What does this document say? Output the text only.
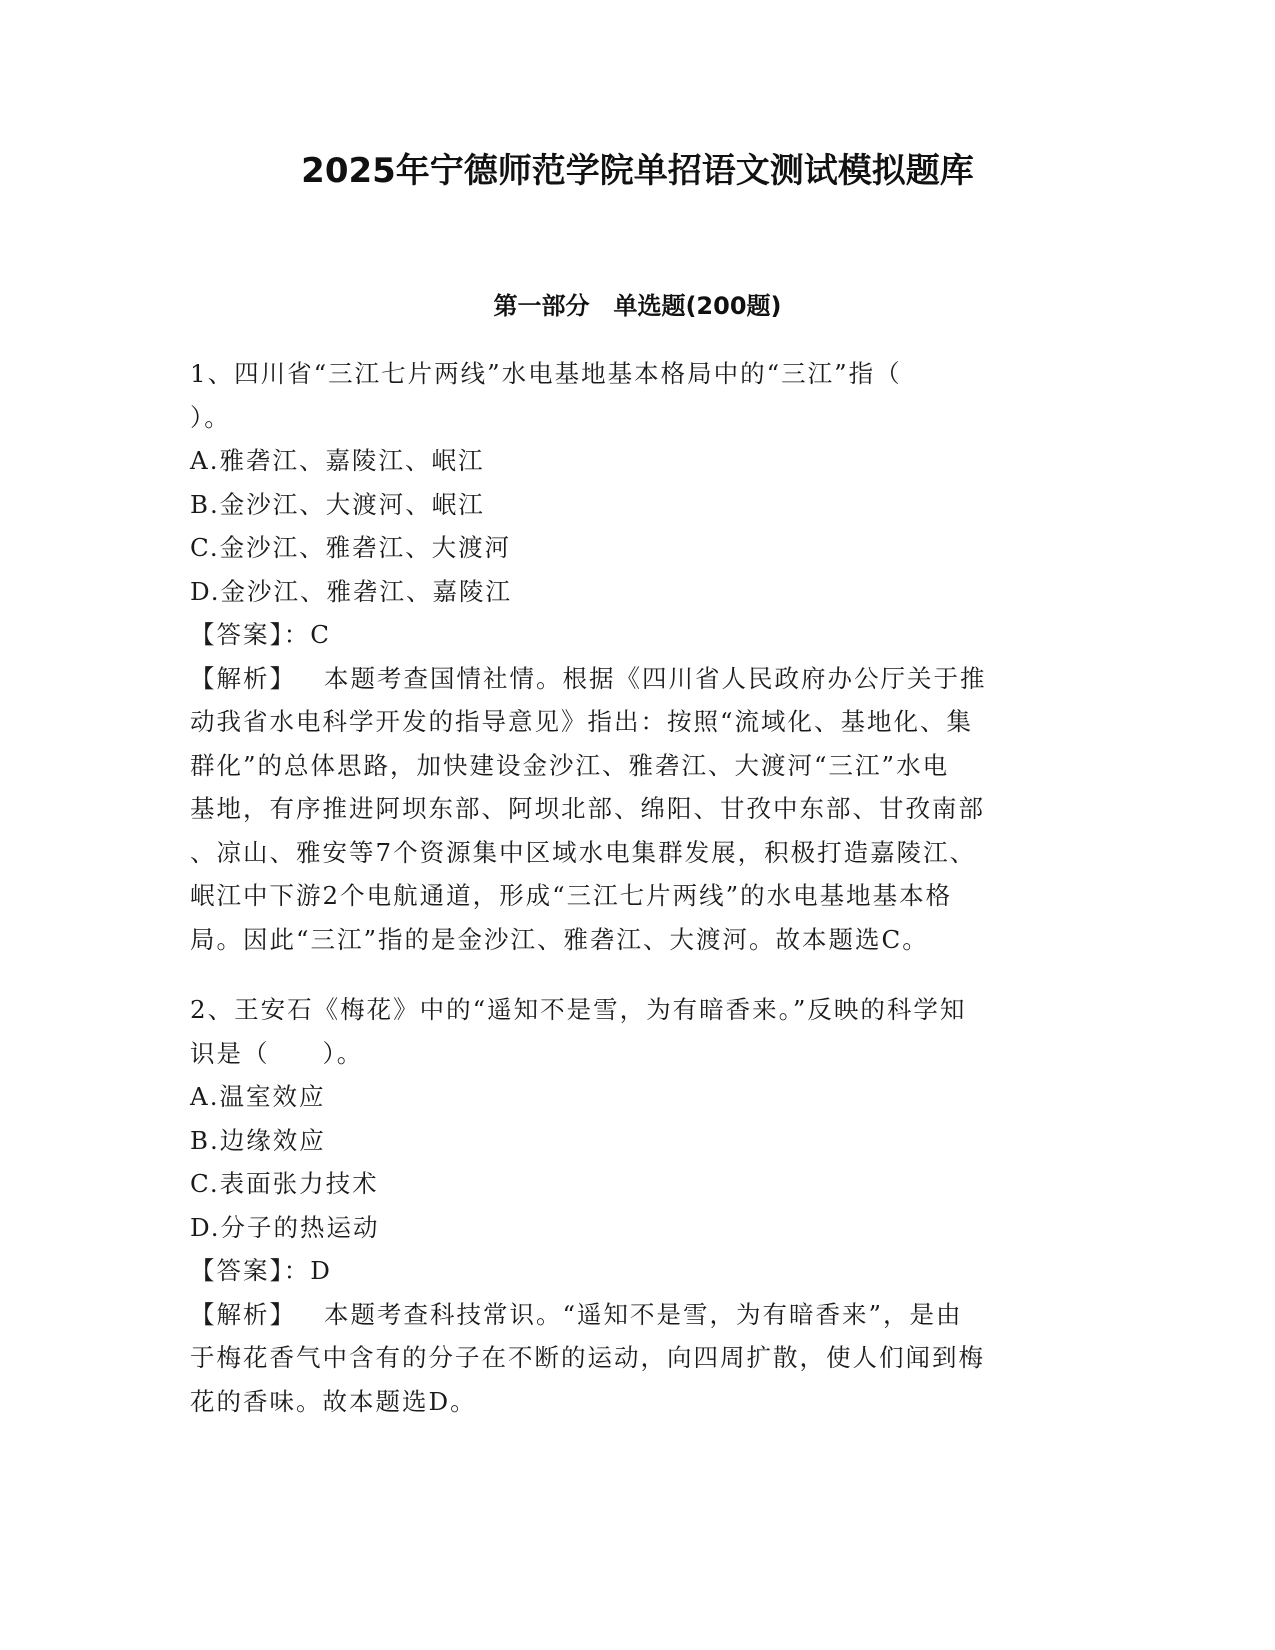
2025年宁德师范学院单招语文测试模拟题库
第一部分　单选题(200题)
1、四川省“三江七片两线”水电基地基本格局中的“三江”指（
）。
A.雅砻江、嘉陵江、岷江
B.金沙江、大渡河、岷江
C.金沙江、雅砻江、大渡河
D.金沙江、雅砻江、嘉陵江
【答案】：C
【解析】 本题考查国情社情。根据《四川省人民政府办公厅关于推
动我省水电科学开发的指导意见》指出：按照“流域化、基地化、集
群化”的总体思路，加快建设金沙江、雅砻江、大渡河“三江”水电
基地，有序推进阿坝东部、阿坝北部、绵阳、甘孜中东部、甘孜南部
、凉山、雅安等7个资源集中区域水电集群发展，积极打造嘉陵江、
岷江中下游2个电航通道，形成“三江七片两线”的水电基地基本格
局。因此“三江”指的是金沙江、雅砻江、大渡河。故本题选C。
2、王安石《梅花》中的“遥知不是雪，为有暗香来。”反映的科学知
识是（　　）。
A.温室效应
B.边缘效应
C.表面张力技术
D.分子的热运动
【答案】：D
【解析】 本题考查科技常识。“遥知不是雪，为有暗香来”，是由
于梅花香气中含有的分子在不断的运动，向四周扩散，使人们闻到梅
花的香味。故本题选D。
